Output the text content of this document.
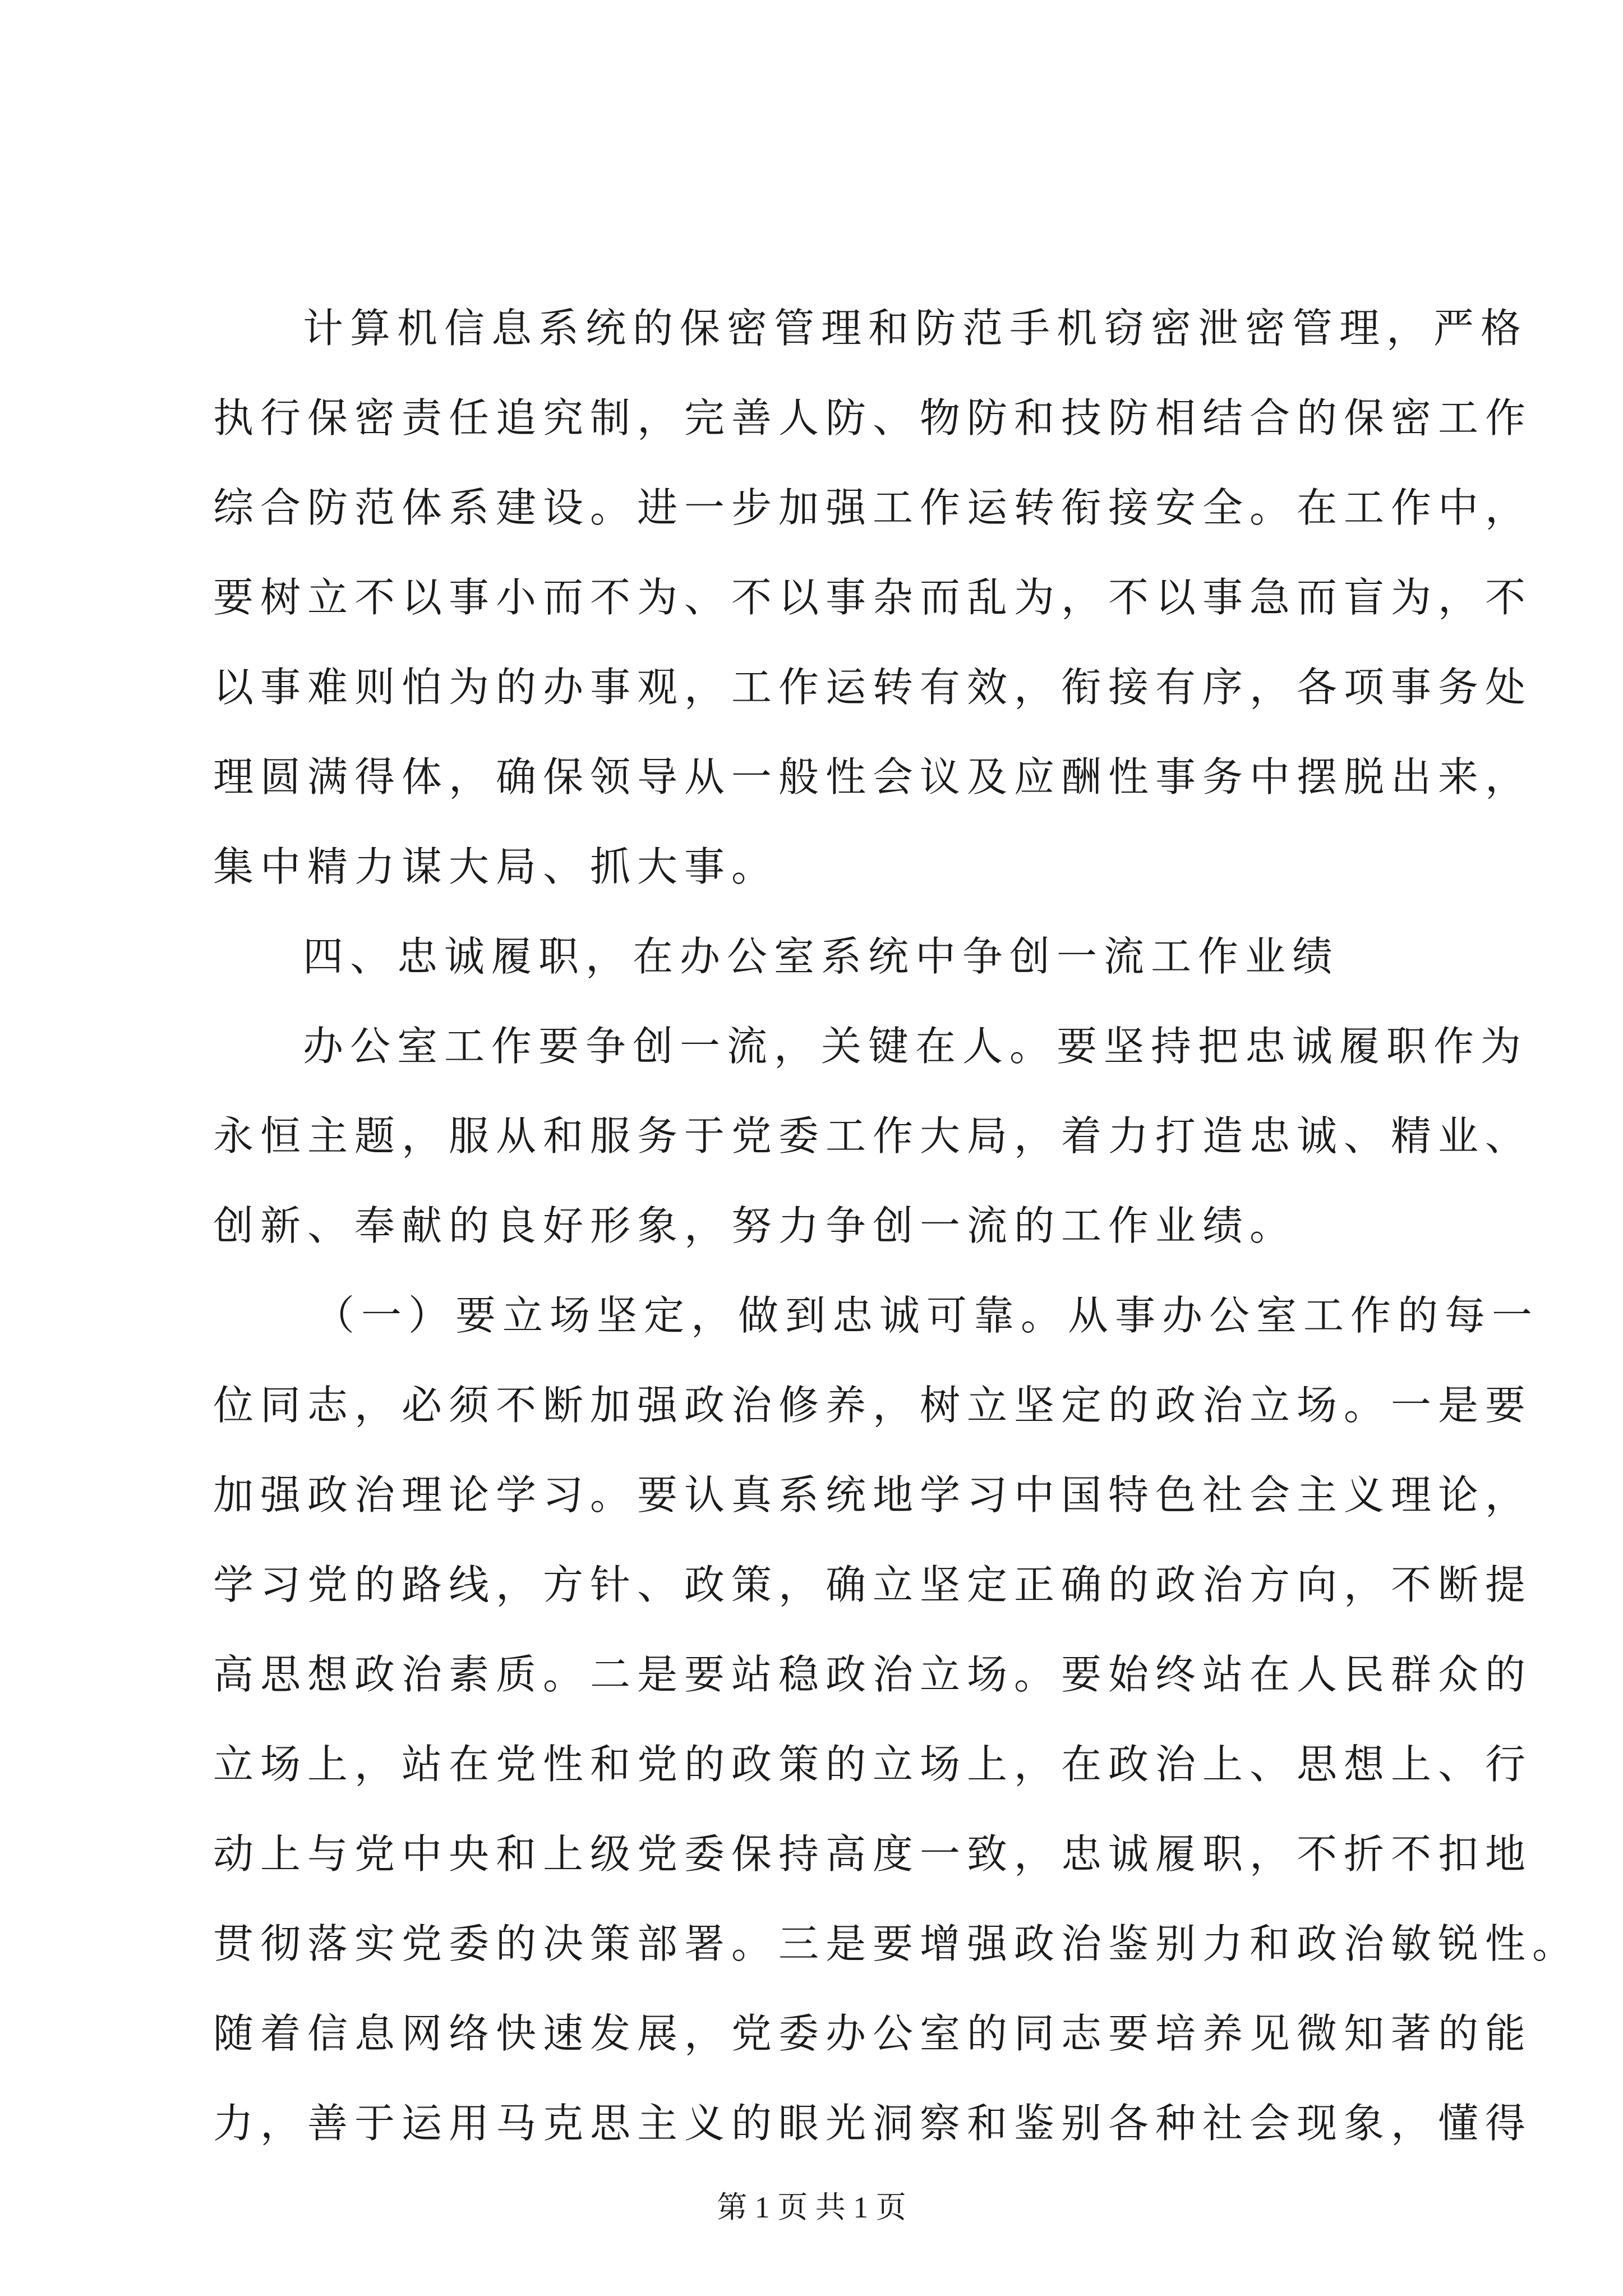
计算机信息系统的保密管理和防范手机窃密泄密管理，严格
执行保密责任追究制，完善人防、物防和技防相结合的保密工作
综合防范体系建设。进一步加强工作运转衔接安全。在工作中，
要树立不以事小而不为、不以事杂而乱为，不以事急而盲为，不
以事难则怕为的办事观，工作运转有效，衔接有序，各项事务处
理圆满得体，确保领导从一般性会议及应酬性事务中摆脱出来，
集中精力谋大局、抓大事。
四、忠诚履职，在办公室系统中争创一流工作业绩
办公室工作要争创一流，关键在人。要坚持把忠诚履职作为
永恒主题，服从和服务于党委工作大局，着力打造忠诚、精业、
创新、奉献的良好形象，努力争创一流的工作业绩。
（一）要立场坚定，做到忠诚可靠。从事办公室工作的每一
位同志，必须不断加强政治修养，树立坚定的政治立场。一是要
加强政治理论学习。要认真系统地学习中国特色社会主义理论，
学习党的路线，方针、政策，确立坚定正确的政治方向，不断提
高思想政治素质。二是要站稳政治立场。要始终站在人民群众的
立场上，站在党性和党的政策的立场上，在政治上、思想上、行
动上与党中央和上级党委保持高度一致，忠诚履职，不折不扣地
贯彻落实党委的决策部署。三是要增强政治鉴别力和政治敏锐性。
随着信息网络快速发展，党委办公室的同志要培养见微知著的能
力，善于运用马克思主义的眼光洞察和鉴别各种社会现象，懂得
第 1 页 共 1 页
